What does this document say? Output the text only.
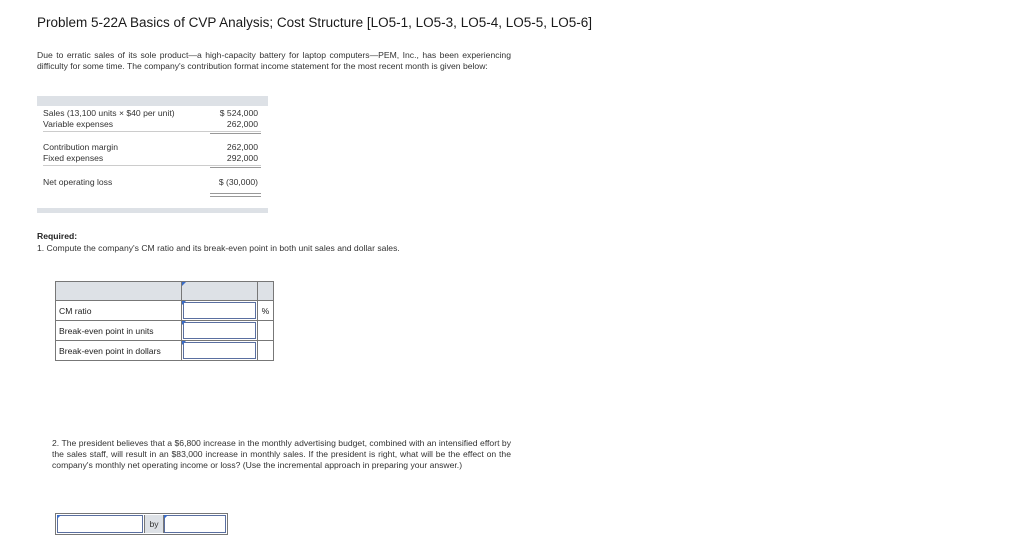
Problem 5-22A Basics of CVP Analysis; Cost Structure [LO5-1, LO5-3, LO5-4, LO5-5, LO5-6]
Due to erratic sales of its sole product—a high-capacity battery for laptop computers—PEM, Inc., has been experiencing difficulty for some time. The company's contribution format income statement for the most recent month is given below:
Sales (13,100 units × $40 per unit)	$ 524,000
Variable expenses	262,000
Contribution margin	262,000
Fixed expenses	292,000
Net operating loss	$ (30,000)
Required:
1. Compute the company's CM ratio and its break-even point in both unit sales and dollar sales.

CM ratio		%
Break-even point in units	

Break-even point in dollars	

2. The president believes that a $6,800 increase in the monthly advertising budget, combined with an intensified effort by the sales staff, will result in an $83,000 increase in monthly sales. If the president is right, what will be the effect on the company's monthly net operating income or loss? (Use the incremental approach in preparing your answer.)
by
